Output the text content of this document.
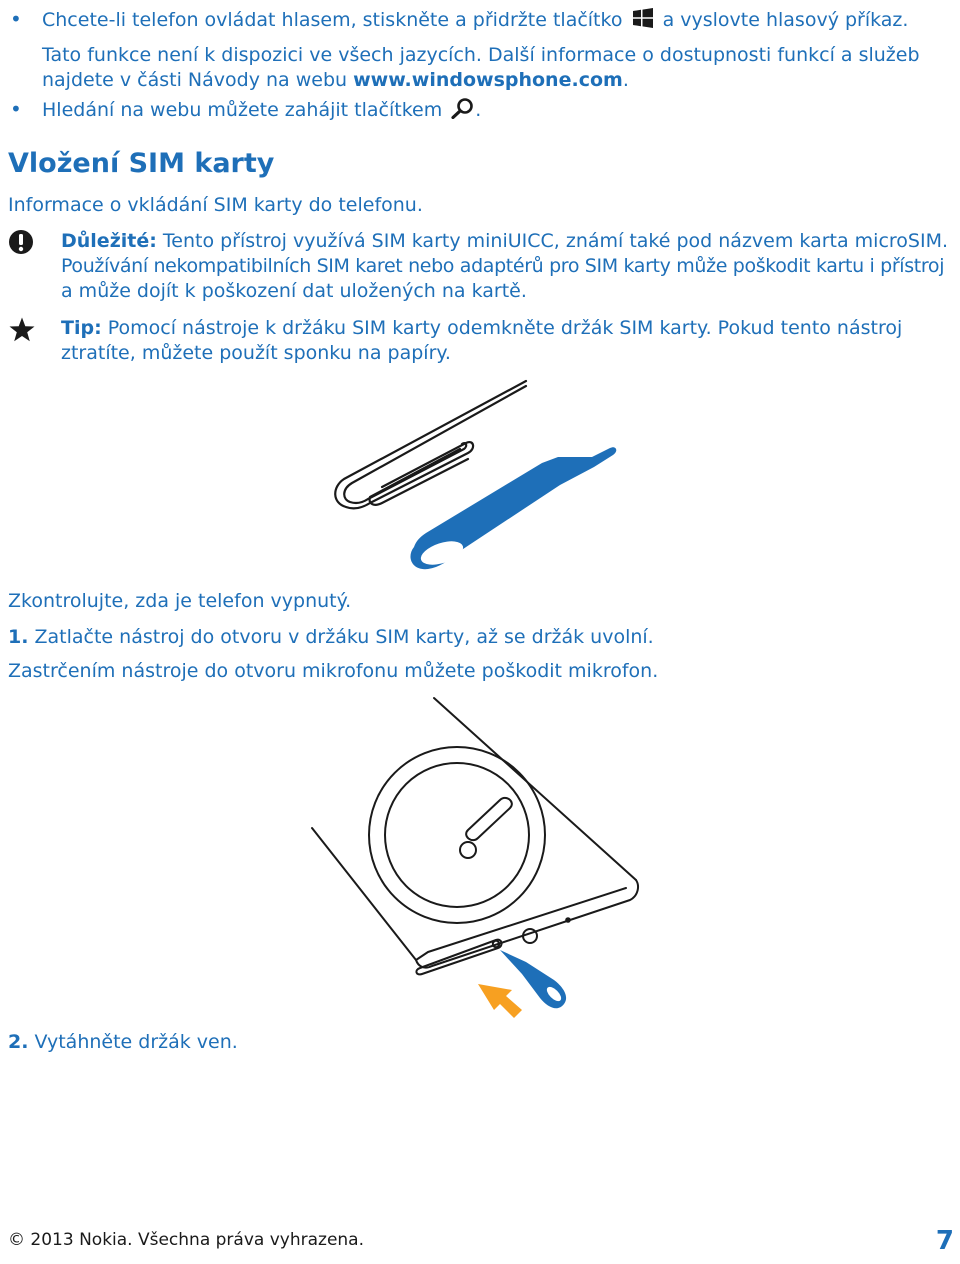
• Chcete-li telefon ovládat hlasem, stiskněte a přidržte tlačítko a vyslovte hlasový příkaz.
Tato funkce není k dispozici ve všech jazycích. Další informace o dostupnosti funkcí a služeb
najdete v části Návody na webu www.windowsphone.com.
• Hledání na webu můžete zahájit tlačítkem .
Vložení SIM karty
Informace o vkládání SIM karty do telefonu.
Důležité: Tento přístroj využívá SIM karty miniUICC, známí také pod názvem karta microSIM.
Používání nekompatibilních SIM karet nebo adaptérů pro SIM karty může poškodit kartu i přístroj
a může dojít k poškození dat uložených na kartě.
Tip: Pomocí nástroje k držáku SIM karty odemkněte držák SIM karty. Pokud tento nástroj
ztratíte, můžete použít sponku na papíry.
Zkontrolujte, zda je telefon vypnutý.
1. Zatlačte nástroj do otvoru v držáku SIM karty, až se držák uvolní.
Zastrčením nástroje do otvoru mikrofonu můžete poškodit mikrofon.
2. Vytáhněte držák ven.
© 2013 Nokia. Všechna práva vyhrazena.	7
